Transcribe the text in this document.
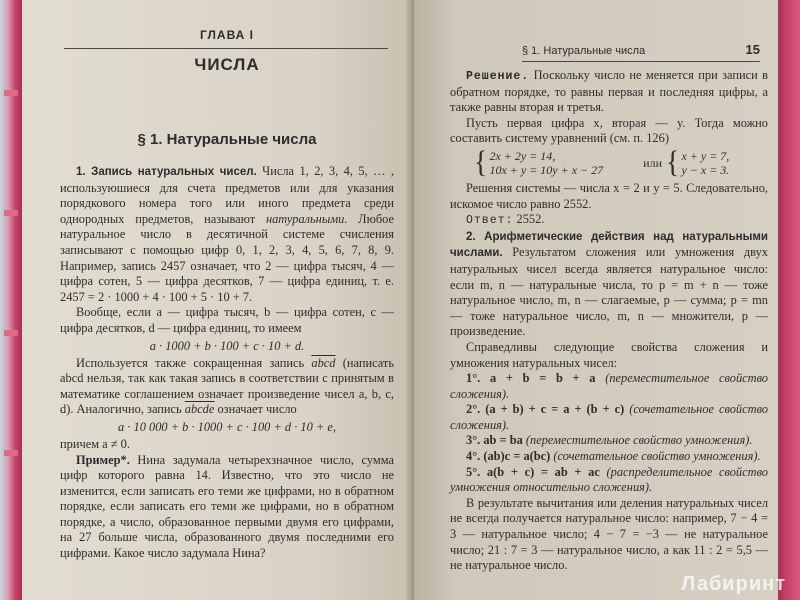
ГЛАВА I
ЧИСЛА
§ 1. Натуральные числа

1. Запись натуральных чисел. Числа 1, 2, 3, 4, 5, … , используюшиеся для счета предметов или для указания порядкового номера того или иного предмета среди однородных предметов, называют натуральными. Любое натуральное число в десятичной системе счисления записывают с помощью цифр 0, 1, 2, 3, 4, 5, 6, 7, 8, 9. Например, запись 2457 означает, что 2 — цифра тысяч, 4 — цифра сотен, 5 — цифра десятков, 7 — цифра единиц, т. е. 2457 = 2 · 1000 + 4 · 100 + 5 · 10 + 7.

Вообще, если a — цифра тысяч, b — цифра сотен, c — цифра десятков, d — цифра единиц, то имеем

a · 1000 + b · 100 + c · 10 + d.

Используется также сокращенная запись abcd (написать abcd нельзя, так как такая запись в соответствии с принятым в математике соглашением означает произведение чисел a, b, c, d). Аналогично, запись abcde означает число

a · 10 000 + b · 1000 + c · 100 + d · 10 + e,

причем a ≠ 0.

Пример*. Нина задумала четырехзначное число, сумма цифр которого равна 14. Известно, что это число не изменится, если записать его теми же цифрами, но в обратном порядке, если записать его теми же цифрами, но в обратном порядке, а число, образованное первыми двумя его цифрами, на 27 больше числа, образованного двумя последними его цифрами. Какое число задумала Нина?

§ 1. Натуральные числа	15

Решение. Поскольку число не меняется при записи в обратном порядке, то равны первая и последняя цифры, а также равны вторая и третья.

Пусть первая цифра x, вторая — y. Тогда можно составить систему уравнений (см. п. 126)

{ 2x + 2y = 14,
10x + y = 10y + x − 27	или { x + y = 7,
y − x = 3.

Решения системы — числа x = 2 и y = 5. Следовательно, искомое число равно 2552.

Ответ: 2552.

2. Арифметические действия над натуральными числами. Результатом сложения или умножения двух натуральных чисел всегда является натуральное число: если m, n — натуральные числа, то p = m + n — тоже натуральное число, m, n — слагаемые, p — сумма; p = mn — тоже натуральное число, m, n — множители, p — произведение.

Справедливы следующие свойства сложения и умножения натуральных чисел:

1°. a + b = b + a (переместительное свойство сложения).

2°. (a + b) + c = a + (b + c) (сочетательное свойство сложения).

3°. ab = ba (переместительное свойство умножения).

4°. (ab)c = a(bc) (сочетательное свойство умножения).

5°. a(b + c) = ab + ac (распределительное свойство умножения относительно сложения).

В результате вычитания или деления натуральных чисел не всегда получается натуральное число: например, 7 − 4 = 3 — натуральное число; 4 − 7 = −3 — не натуральное число; 21 : 7 = 3 — натуральное число, а как 11 : 2 = 5,5 — не натуральное число.

Лабиринт
